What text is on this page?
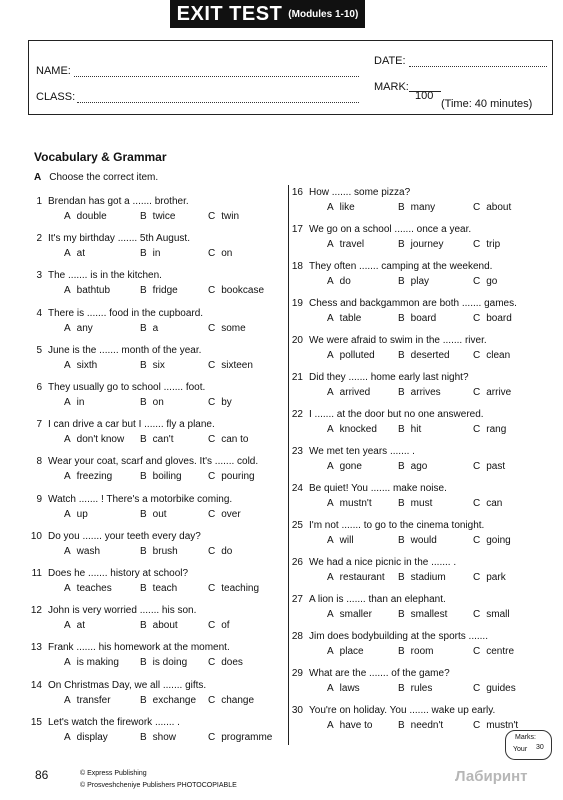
EXIT TEST (Modules 1-10)
NAME:
DATE:
CLASS:
MARK:
100
(Time: 40 minutes)
Vocabulary & Grammar
A Choose the correct item.
1 Brendan has got a ....... brother.
A double	B twice	C twin
2 It's my birthday ....... 5th August.
A at	B in	C on
3 The ....... is in the kitchen.
A bathtub	B fridge	C bookcase
4 There is ....... food in the cupboard.
A any	B a	C some
5 June is the ....... month of the year.
A sixth	B six	C sixteen
6 They usually go to school ....... foot.
A in	B on	C by
7 I can drive a car but I ....... fly a plane.
A don't know B can't	C can to
8 Wear your coat, scarf and gloves. It's ....... cold.
A freezing	B boiling	C pouring
9 Watch ....... ! There's a motorbike coming.
A up	B out	C over
10 Do you ....... your teeth every day?
A wash	B brush	C do
11 Does he ....... history at school?
A teaches	B teach	C teaching
12 John is very worried ....... his son.
A at	B about	C of
13 Frank ....... his homework at the moment.
A is making B is doing C does
14 On Christmas Day, we all ....... gifts.
A transfer	B exchange C change
15 Let's watch the firework ....... .
A display	B show	C programme
16 How ....... some pizza?
A like	B many	C about
17 We go on a school ....... once a year.
A travel	B journey	C trip
18 They often ....... camping at the weekend.
A do	B play	C go
19 Chess and backgammon are both ....... games.
A table	B board	C board
20 We were afraid to swim in the ....... river.
A polluted B deserted C clean
21 Did they ....... home early last night?
A arrived	B arrives	C arrive
22 I ....... at the door but no one answered.
A knocked B hit	C rang
23 We met ten years ....... .
A gone	B ago	C past
24 Be quiet! You ....... make noise.
A mustn't	B must	C can
25 I'm not ....... to go to the cinema tonight.
A will	B would	C going
26 We had a nice picnic in the ....... .
A restaurant B stadium	C park
27 A lion is ....... than an elephant.
A smaller	B smallest	C small
28 Jim does bodybuilding at the sports .......
A place	B room	C centre
29 What are the ....... of the game?
A laws	B rules	C guides
30 You're on holiday. You ....... wake up early.
A have to	B needn't	C mustn't
86	© Express Publishing
© Prosveshcheniye Publishers PHOTOCOPIABLE
Marks:
Your 30
Лабиринт
